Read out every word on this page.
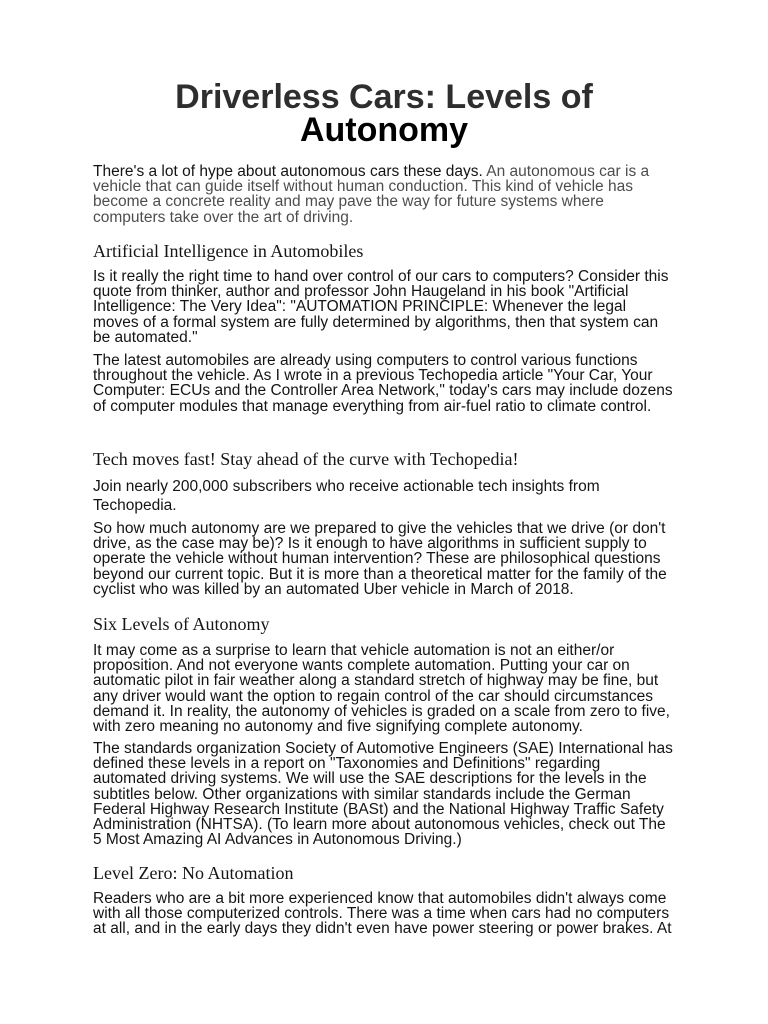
Driverless Cars: Levels of
Autonomy
There's a lot of hype about autonomous cars these days. An autonomous car is a
vehicle that can guide itself without human conduction. This kind of vehicle has
become a concrete reality and may pave the way for future systems where
computers take over the art of driving.
Artificial Intelligence in Automobiles
Is it really the right time to hand over control of our cars to computers? Consider this
quote from thinker, author and professor John Haugeland in his book "Artificial
Intelligence: The Very Idea": "AUTOMATION PRINCIPLE: Whenever the legal
moves of a formal system are fully determined by algorithms, then that system can
be automated."
The latest automobiles are already using computers to control various functions
throughout the vehicle. As I wrote in a previous Techopedia article "Your Car, Your
Computer: ECUs and the Controller Area Network," today's cars may include dozens
of computer modules that manage everything from air-fuel ratio to climate control.
Tech moves fast! Stay ahead of the curve with Techopedia!
Join nearly 200,000 subscribers who receive actionable tech insights from
Techopedia.
So how much autonomy are we prepared to give the vehicles that we drive (or don't
drive, as the case may be)? Is it enough to have algorithms in sufficient supply to
operate the vehicle without human intervention? These are philosophical questions
beyond our current topic. But it is more than a theoretical matter for the family of the
cyclist who was killed by an automated Uber vehicle in March of 2018.
Six Levels of Autonomy
It may come as a surprise to learn that vehicle automation is not an either/or
proposition. And not everyone wants complete automation. Putting your car on
automatic pilot in fair weather along a standard stretch of highway may be fine, but
any driver would want the option to regain control of the car should circumstances
demand it. In reality, the autonomy of vehicles is graded on a scale from zero to five,
with zero meaning no autonomy and five signifying complete autonomy.
The standards organization Society of Automotive Engineers (SAE) International has
defined these levels in a report on "Taxonomies and Definitions" regarding
automated driving systems. We will use the SAE descriptions for the levels in the
subtitles below. Other organizations with similar standards include the German
Federal Highway Research Institute (BASt) and the National Highway Traffic Safety
Administration (NHTSA). (To learn more about autonomous vehicles, check out The
5 Most Amazing AI Advances in Autonomous Driving.)
Level Zero: No Automation
Readers who are a bit more experienced know that automobiles didn't always come
with all those computerized controls. There was a time when cars had no computers
at all, and in the early days they didn't even have power steering or power brakes. At
